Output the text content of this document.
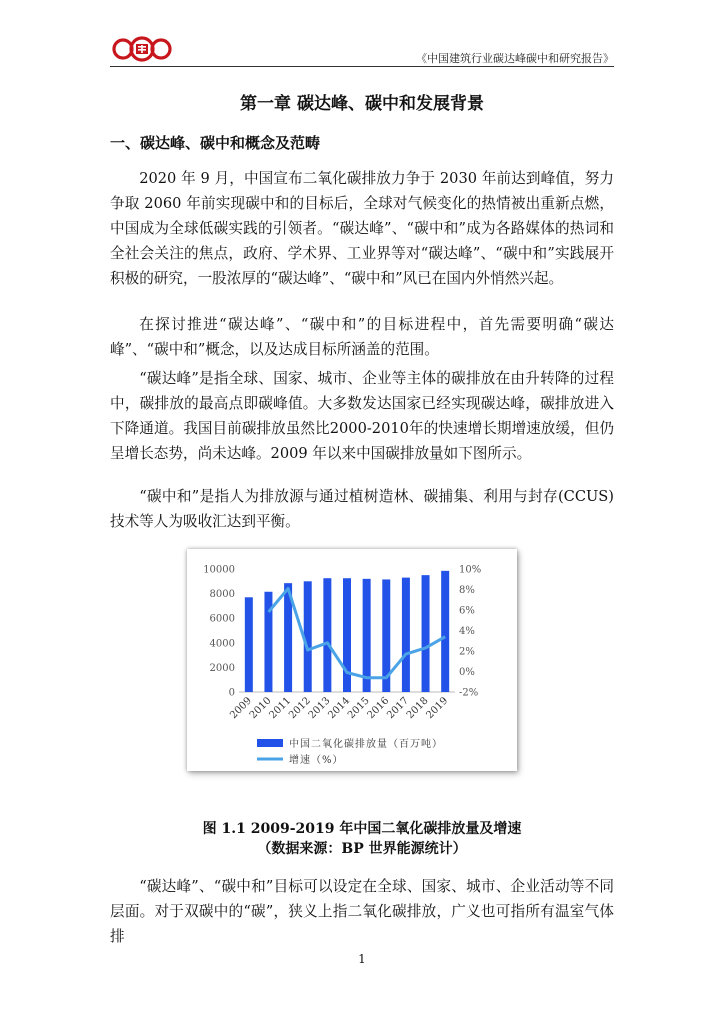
《中国建筑行业碳达峰碳中和研究报告》
第一章 碳达峰、碳中和发展背景
一、碳达峰、碳中和概念及范畴

2020 年 9 月，中国宣布二氧化碳排放力争于 2030 年前达到峰值，努力争取 2060 年前实现碳中和的目标后，全球对气候变化的热情被出重新点燃，中国成为全球低碳实践的引领者。“碳达峰”、“碳中和”成为各路媒体的热词和全社会关注的焦点，政府、学术界、工业界等对“碳达峰”、“碳中和”实践展开积极的研究，一股浓厚的“碳达峰”、“碳中和”风已在国内外悄然兴起。

在探讨推进“碳达峰”、“碳中和”的目标进程中，首先需要明确“碳达峰”、“碳中和”概念，以及达成目标所涵盖的范围。

“碳达峰”是指全球、国家、城市、企业等主体的碳排放在由升转降的过程中，碳排放的最高点即碳峰值。大多数发达国家已经实现碳达峰，碳排放进入下降通道。我国目前碳排放虽然比2000-2010年的快速增长期增速放缓，但仍呈增长态势，尚未达峰。2009 年以来中国碳排放量如下图所示。

“碳中和”是指人为排放源与通过植树造林、碳捕集、利用与封存(CCUS)技术等人为吸收汇达到平衡。

0
2000
4000
6000
8000
10000
-2%
0%
2%
4%
6%
8%
10%
2009
2010
2011
2012
2013
2014
2015
2016
2017
2018
2019
中国二氧化碳排放量（百万吨）
增速（%）
图 1.1 2009-2019 年中国二氧化碳排放量及增速
（数据来源：BP 世界能源统计）

“碳达峰”、“碳中和”目标可以设定在全球、国家、城市、企业活动等不同层面。对于双碳中的“碳”，狭义上指二氧化碳排放，广义也可指所有温室气体排

1
